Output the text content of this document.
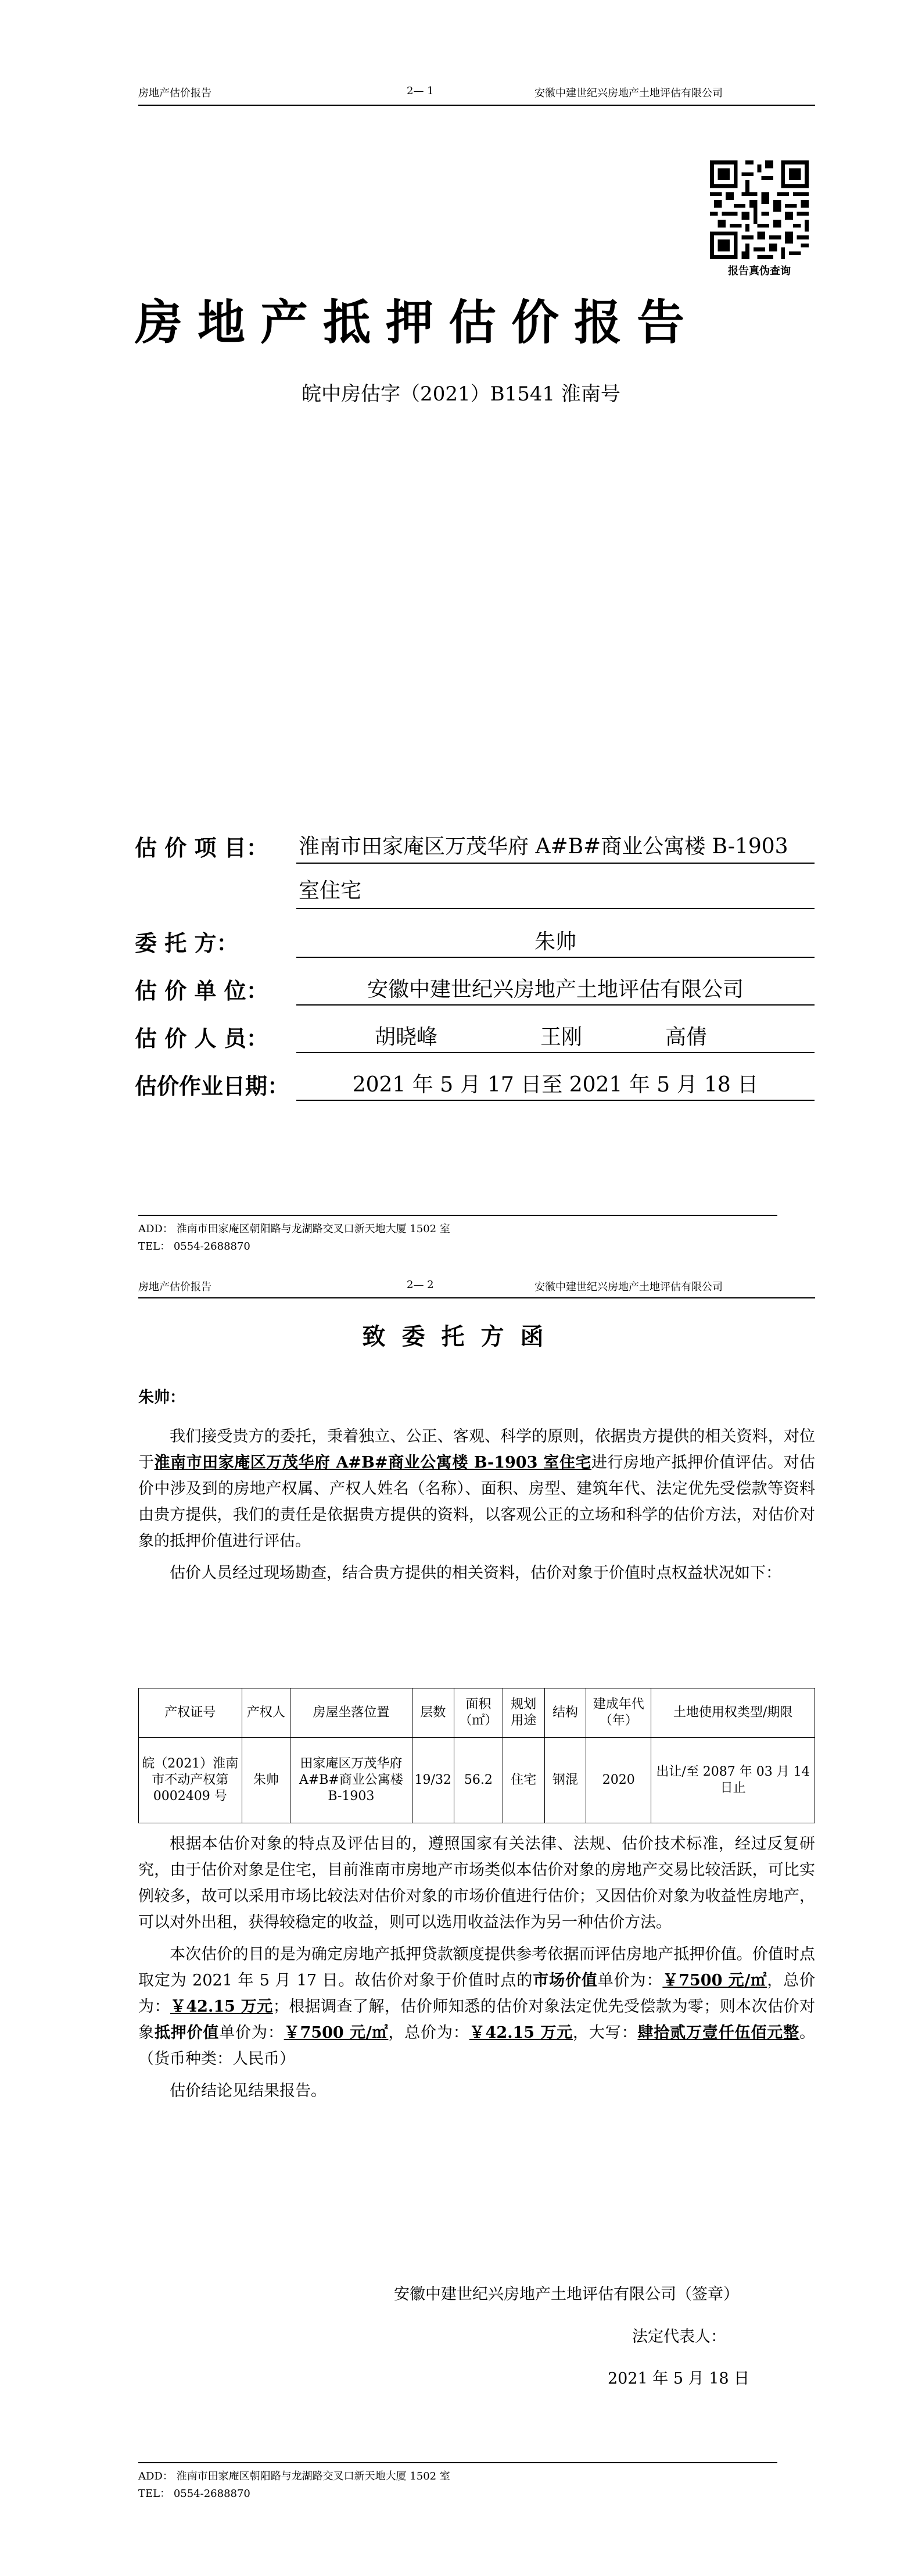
房地产估价报告	2— 1	安徽中建世纪兴房地产土地评估有限公司
报告真伪查询
房地产抵押估价报告
皖中房估字（2021）B1541 淮南号
估 价 项 目： 淮南市田家庵区万茂华府 A#B#商业公寓楼 B-1903
室住宅
委 托 方：	朱帅
估 价 单 位：	安徽中建世纪兴房地产土地评估有限公司
估 价 人 员：	胡晓峰	王刚	高倩
估价作业日期：	2021 年 5 月 17 日至 2021 年 5 月 18 日
ADD： 淮南市田家庵区朝阳路与龙湖路交叉口新天地大厦 1502 室
TEL： 0554-2688870
房地产估价报告	2— 2	安徽中建世纪兴房地产土地评估有限公司
致委托方函

朱帅：

我们接受贵方的委托，秉着独立、公正、客观、科学的原则，依据贵方提供的相关资料，对位于淮南市田家庵区万茂华府 A#B#商业公寓楼 B-1903 室住宅进行房地产抵押价值评估。对估价中涉及到的房地产权属、产权人姓名（名称）、面积、房型、建筑年代、法定优先受偿款等资料由贵方提供，我们的责任是依据贵方提供的资料，以客观公正的立场和科学的估价方法，对估价对象的抵押价值进行评估。

估价人员经过现场勘查，结合贵方提供的相关资料，估价对象于价值时点权益状况如下：

产权证号	产权人	房屋坐落位置	层数	面积（㎡）	规划用途	结构	建成年代（年）	土地使用权类型/期限
皖（2021）淮南市不动产权第 0002409 号	朱帅	田家庵区万茂华府 A#B#商业公寓楼 B-1903	19/32	56.2	住宅	钢混	2020	出让/至 2087 年 03 月 14 日止

根据本估价对象的特点及评估目的，遵照国家有关法律、法规、估价技术标准，经过反复研究，由于估价对象是住宅，目前淮南市房地产市场类似本估价对象的房地产交易比较活跃，可比实例较多，故可以采用市场比较法对估价对象的市场价值进行估价；又因估价对象为收益性房地产，可以对外出租，获得较稳定的收益，则可以选用收益法作为另一种估价方法。

本次估价的目的是为确定房地产抵押贷款额度提供参考依据而评估房地产抵押价值。价值时点取定为 2021 年 5 月 17 日。故估价对象于价值时点的市场价值单价为：￥7500 元/㎡，总价为：￥42.15 万元；根据调查了解，估价师知悉的估价对象法定优先受偿款为零；则本次估价对象抵押价值单价为：￥7500 元/㎡，总价为：￥42.15 万元，大写：肆拾贰万壹仟伍佰元整。（货币种类：人民币）

估价结论见结果报告。

安徽中建世纪兴房地产土地评估有限公司（签章）
法定代表人：
2021 年 5 月 18 日
ADD： 淮南市田家庵区朝阳路与龙湖路交叉口新天地大厦 1502 室
TEL： 0554-2688870
